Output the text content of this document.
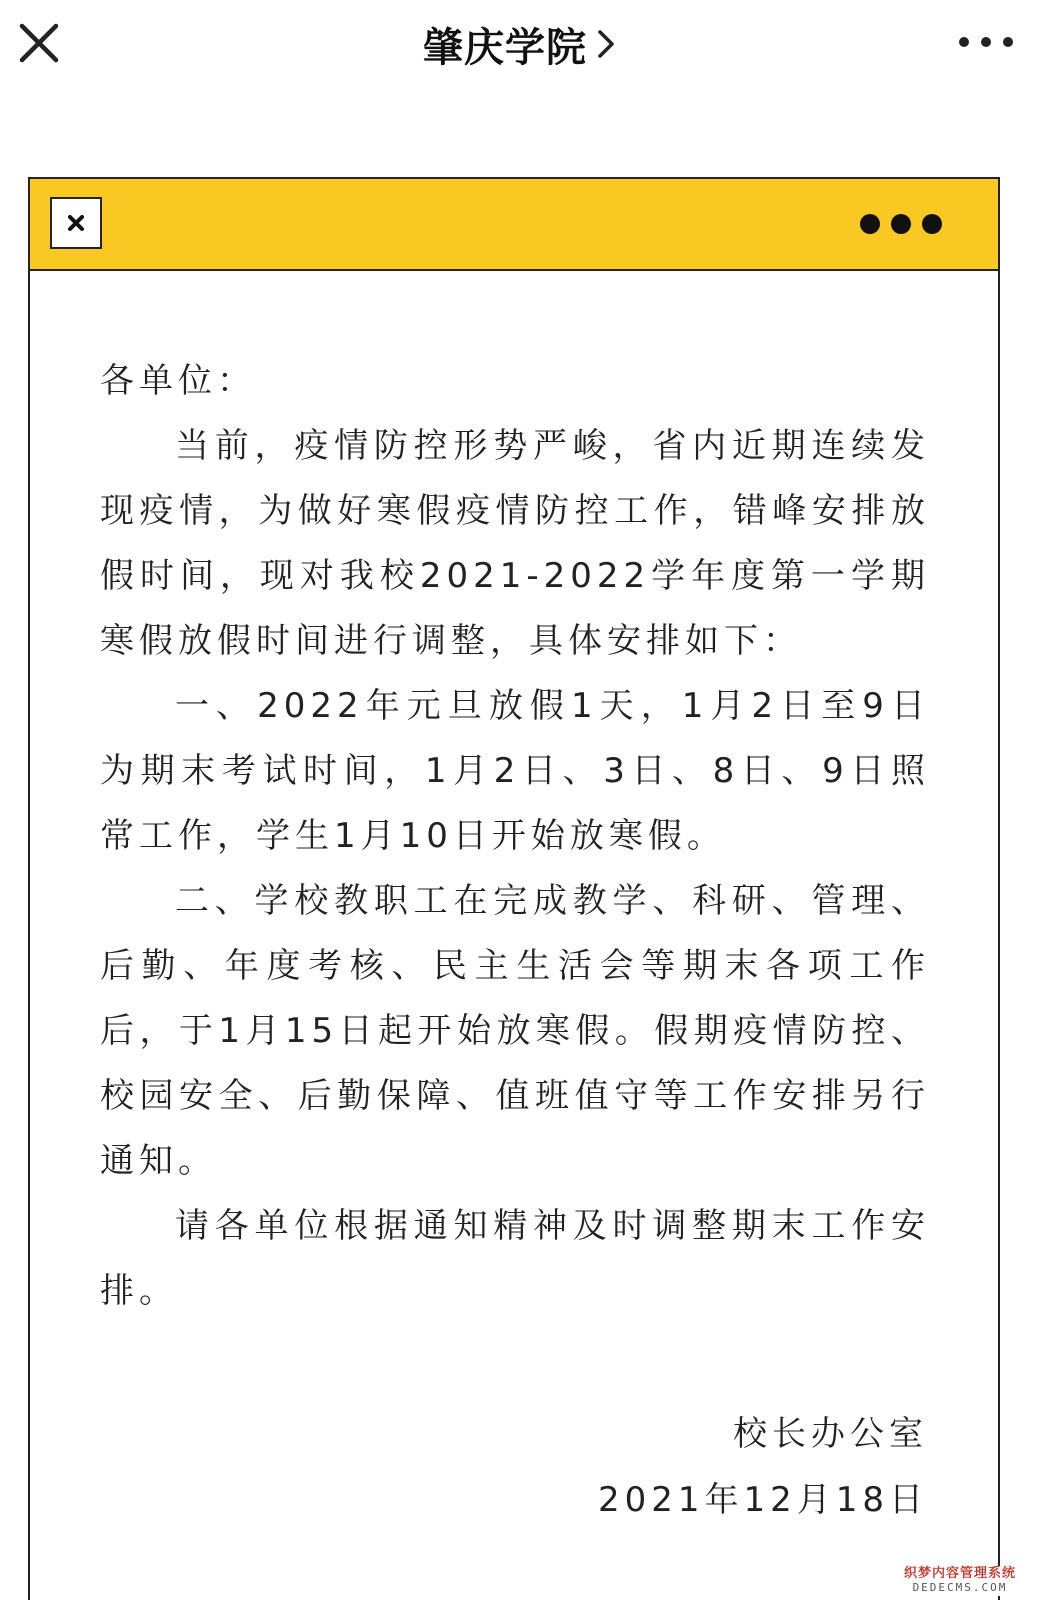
肇庆学院

各单位：

当前，疫情防控形势严峻，省内近期连续发现疫情，为做好寒假疫情防控工作，错峰安排放假时间，现对我校2021-2022学年度第一学期寒假放假时间进行调整，具体安排如下：

一、2022年元旦放假1天，1月2日至9日为期末考试时间，1月2日、3日、8日、9日照常工作，学生1月10日开始放寒假。

二、学校教职工在完成教学、科研、管理、后勤、年度考核、民主生活会等期末各项工作后，于1月15日起开始放寒假。假期疫情防控、校园安全、后勤保障、值班值守等工作安排另行通知。

请各单位根据通知精神及时调整期末工作安排。

校长办公室
2021年12月18日
织梦内容管理系统
DEDECMS.COM
